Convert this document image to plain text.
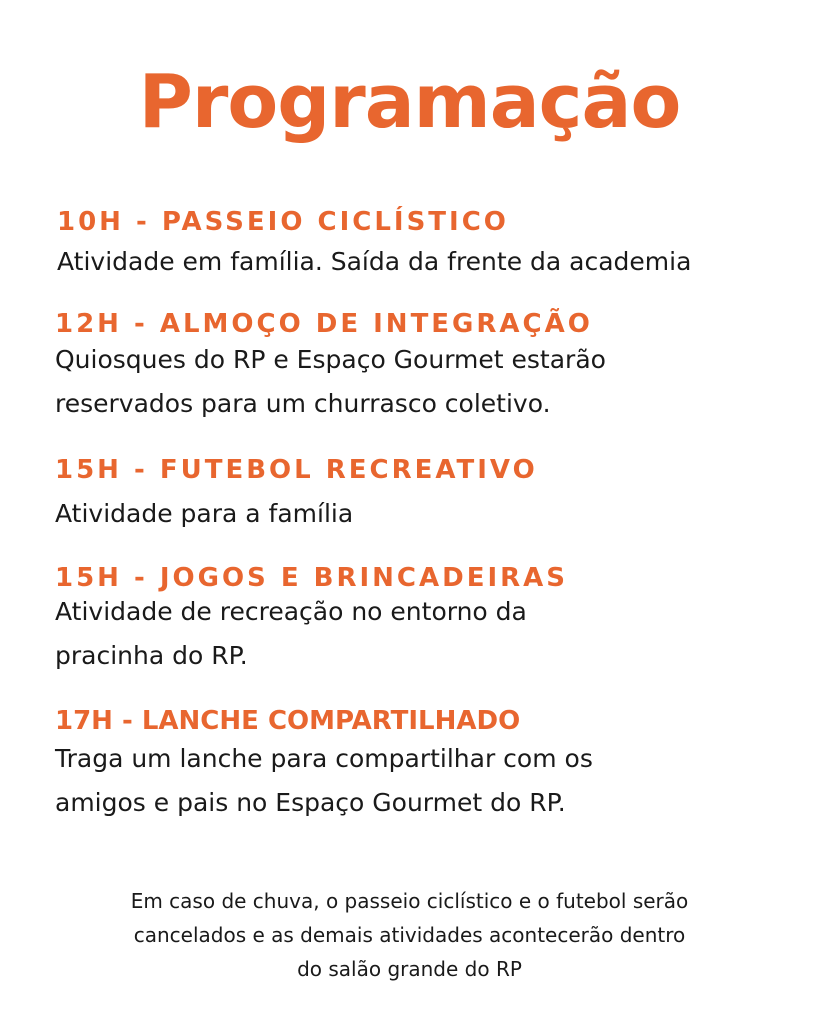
Programação
10H - PASSEIO CICLÍSTICO
Atividade em família. Saída da frente da academia
12H - ALMOÇO DE INTEGRAÇÃO
Quiosques do RP e Espaço Gourmet estarão
reservados para um churrasco coletivo.
15H - FUTEBOL RECREATIVO
Atividade para a família
15H - JOGOS E BRINCADEIRAS
Atividade de recreação no entorno da
pracinha do RP.
17H - LANCHE COMPARTILHADO
Traga um lanche para compartilhar com os
amigos e pais no Espaço Gourmet do RP.
Em caso de chuva, o passeio ciclístico e o futebol serão
cancelados e as demais atividades acontecerão dentro
do salão grande do RP
